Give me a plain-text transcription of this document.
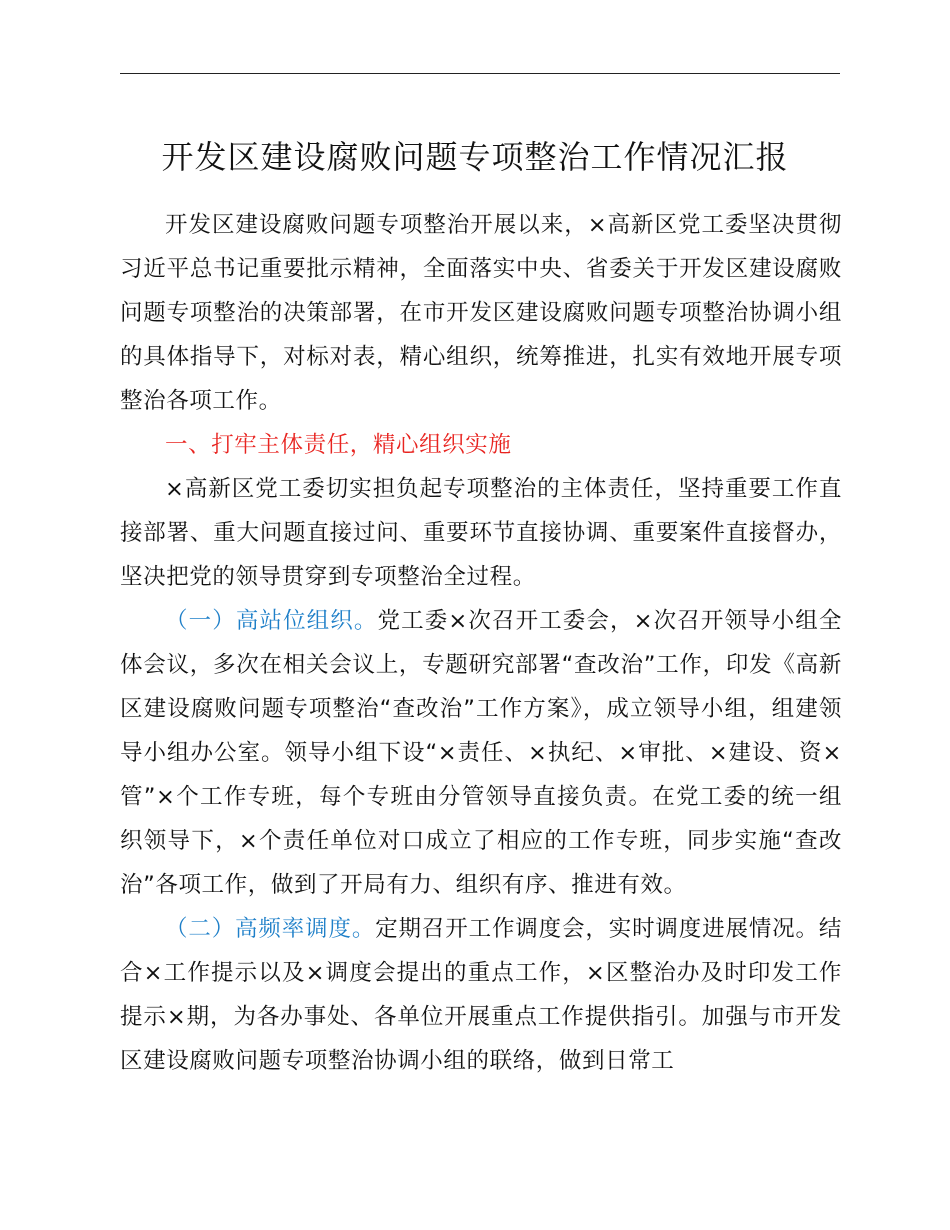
开发区建设腐败问题专项整治工作情况汇报

开发区建设腐败问题专项整治开展以来，×高新区党工委坚决贯彻习近平总书记重要批示精神，全面落实中央、省委关于开发区建设腐败问题专项整治的决策部署，在市开发区建设腐败问题专项整治协调小组的具体指导下，对标对表，精心组织，统筹推进，扎实有效地开展专项整治各项工作。

一、打牢主体责任，精心组织实施

×高新区党工委切实担负起专项整治的主体责任，坚持重要工作直接部署、重大问题直接过问、重要环节直接协调、重要案件直接督办，坚决把党的领导贯穿到专项整治全过程。

（一）高站位组织。党工委×次召开工委会，×次召开领导小组全体会议，多次在相关会议上，专题研究部署“查改治”工作，印发《高新区建设腐败问题专项整治“查改治”工作方案》，成立领导小组，组建领导小组办公室。领导小组下设“×责任、×执纪、×审批、×建设、资×管”×个工作专班，每个专班由分管领导直接负责。在党工委的统一组织领导下，×个责任单位对口成立了相应的工作专班，同步实施“查改治”各项工作，做到了开局有力、组织有序、推进有效。

（二）高频率调度。定期召开工作调度会，实时调度进展情况。结合×工作提示以及×调度会提出的重点工作，×区整治办及时印发工作提示×期，为各办事处、各单位开展重点工作提供指引。加强与市开发区建设腐败问题专项整治协调小组的联络，做到日常工
